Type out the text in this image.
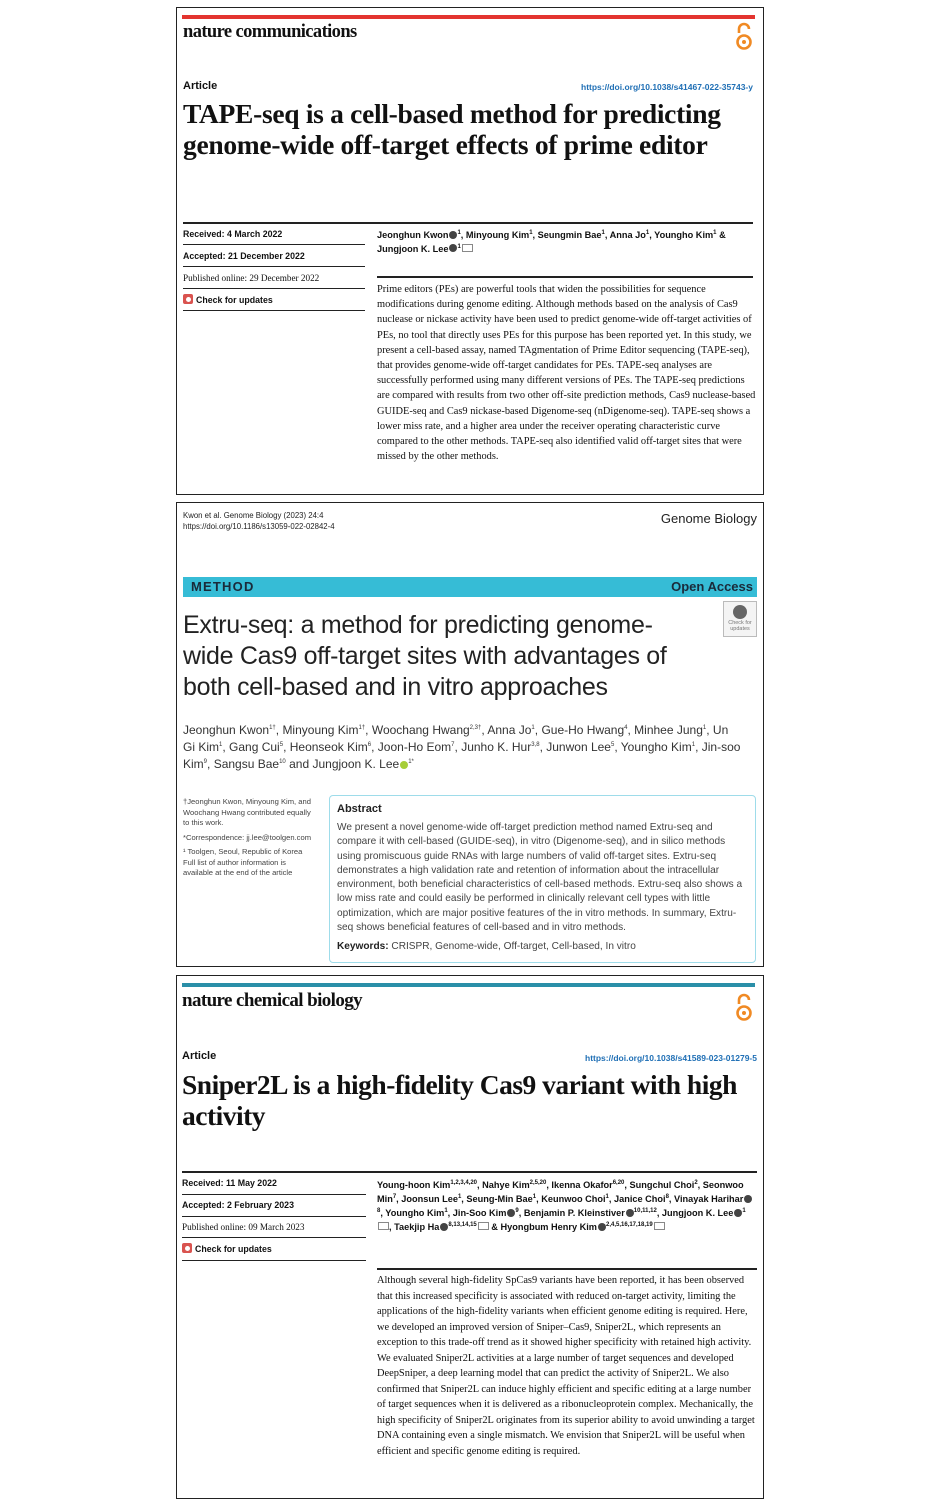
nature communications
Article	https://doi.org/10.1038/s41467-022-35743-y
TAPE-seq is a cell-based method for predicting genome-wide off-target effects of prime editor
Received: 4 March 2022
Accepted: 21 December 2022
Published online: 29 December 2022
Check for updates
Jeonghun Kwon $^1$, Minyoung Kim$^1$, Seungmin Bae$^1$, Anna Jo$^1$, Youngho Kim$^1$ & Jungjoon K. Lee $^1$
Prime editors (PEs) are powerful tools that widen the possibilities for sequence modifications during genome editing. Although methods based on the analysis of Cas9 nuclease or nickase activity have been used to predict genome-wide off-target activities of PEs, no tool that directly uses PEs for this purpose has been reported yet. In this study, we present a cell-based assay, named TAgmentation of Prime Editor sequencing (TAPE-seq), that provides genome-wide off-target candidates for PEs. TAPE-seq analyses are successfully performed using many different versions of PEs. The TAPE-seq predictions are compared with results from two other off-site prediction methods, Cas9 nuclease-based GUIDE-seq and Cas9 nickase-based Digenome-seq (nDigenome-seq). TAPE-seq shows a lower miss rate, and a higher area under the receiver operating characteristic curve compared to the other methods. TAPE-seq also identified valid off-target sites that were missed by the other methods.
Kwon et al. Genome Biology (2023) 24:4
https://doi.org/10.1186/s13059-022-02842-4
Genome Biology
METHOD	Open Access
Check for updates
Extru-seq: a method for predicting genome-wide Cas9 off-target sites with advantages of both cell-based and in vitro approaches
Jeonghun Kwon$^{1\dagger}$, Minyoung Kim$^{1\dagger}$, Woochang Hwang$^{2,3\dagger}$, Anna Jo$^1$, Gue-Ho Hwang$^4$, Minhee Jung$^1$, Un Gi Kim$^1$, Gang Cui$^5$, Heonseok Kim$^6$, Joon-Ho Eom$^7$, Junho K. Hur$^{3,8}$, Junwon Lee$^5$, Youngho Kim$^1$, Jin-soo Kim$^9$, Sangsu Bae$^{10}$ and Jungjoon K. Lee $^{1*}$
†Jeonghun Kwon, Minyoung Kim, and Woochang Hwang contributed equally to this work.
*Correspondence: jj.lee@toolgen.com
¹ Toolgen, Seoul, Republic of Korea
Full list of author information is available at the end of the article
Abstract
We present a novel genome-wide off-target prediction method named Extru-seq and compare it with cell-based (GUIDE-seq), in vitro (Digenome-seq), and in silico methods using promiscuous guide RNAs with large numbers of valid off-target sites. Extru-seq demonstrates a high validation rate and retention of information about the intracellular environment, both beneficial characteristics of cell-based methods. Extru-seq also shows a low miss rate and could easily be performed in clinically relevant cell types with little optimization, which are major positive features of the in vitro methods. In summary, Extru-seq shows beneficial features of cell-based and in vitro methods.
Keywords: CRISPR, Genome-wide, Off-target, Cell-based, In vitro
nature chemical biology
Article	https://doi.org/10.1038/s41589-023-01279-5
Sniper2L is a high-fidelity Cas9 variant with high activity
Received: 11 May 2022
Accepted: 2 February 2023
Published online: 09 March 2023
Check for updates
Young-hoon Kim$^{1,2,3,4,20}$, Nahye Kim$^{2,5,20}$, Ikenna Okafor$^{6,20}$, Sungchul Choi$^2$, Seonwoo Min$^7$, Joonsun Lee$^1$, Seung-Min Bae$^1$, Keunwoo Choi$^1$, Janice Choi$^8$, Vinayak Harihar$^8$, Youngho Kim$^1$, Jin-Soo Kim $^9$, Benjamin P. Kleinstiver $^{10,11,12}$, Jungjoon K. Lee $^1$, Taekjip Ha $^{8,13,14,15}$ & Hyongbum Henry Kim $^{2,4,5,16,17,18,19}$
Although several high-fidelity SpCas9 variants have been reported, it has been observed that this increased specificity is associated with reduced on-target activity, limiting the applications of the high-fidelity variants when efficient genome editing is required. Here, we developed an improved version of Sniper–Cas9, Sniper2L, which represents an exception to this trade-off trend as it showed higher specificity with retained high activity. We evaluated Sniper2L activities at a large number of target sequences and developed DeepSniper, a deep learning model that can predict the activity of Sniper2L. We also confirmed that Sniper2L can induce highly efficient and specific editing at a large number of target sequences when it is delivered as a ribonucleoprotein complex. Mechanically, the high specificity of Sniper2L originates from its superior ability to avoid unwinding a target DNA containing even a single mismatch. We envision that Sniper2L will be useful when efficient and specific genome editing is required.
